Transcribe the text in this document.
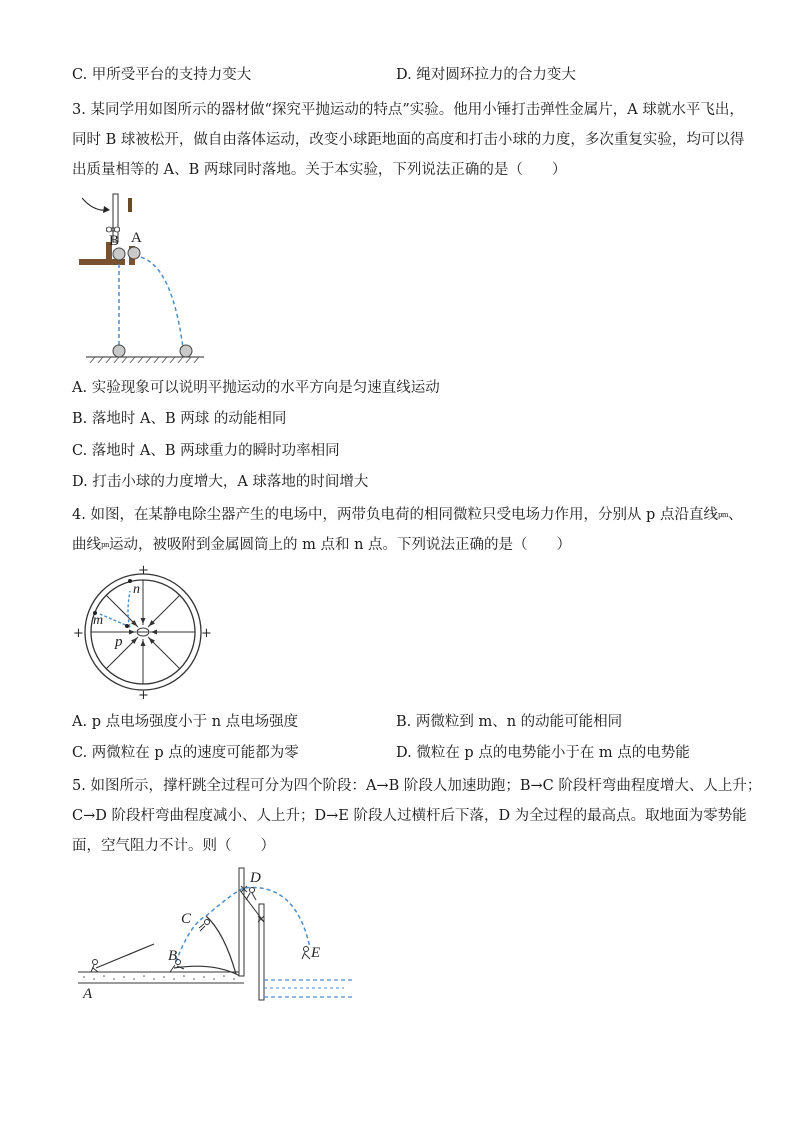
C. 甲所受平台的支持力变大	D. 绳对圆环拉力的合力变大
3. 某同学用如图所示的器材做“探究平抛运动的特点”实验。他用小锤打击弹性金属片，A 球就水平飞出，
同时 B 球被松开，做自由落体运动，改变小球距地面的高度和打击小球的力度，多次重复实验，均可以得
出质量相等的 A、B 两球同时落地。关于本实验，下列说法正确的是（　　）
B A
A. 实验现象可以说明平抛运动的水平方向是匀速直线运动
B. 落地时 A、B 两球 的动能相同
C. 落地时 A、B 两球重力的瞬时功率相同
D. 打击小球的力度增大，A 球落地的时间增大
4. 如图，在某静电除尘器产生的电场中，两带负电荷的相同微粒只受电场力作用，分别从 p 点沿直线pm、
曲线pn运动，被吸附到金属圆筒上的 m 点和 n 点。下列说法正确的是（　　）
+
+	+
+
n
m
p
A. p 点电场强度小于 n 点电场强度	B. 两微粒到 m、n 的动能可能相同
C. 两微粒在 p 点的速度可能都为零	D. 微粒在 p 点的电势能小于在 m 点的电势能
5. 如图所示，撑杆跳全过程可分为四个阶段：A→B 阶段人加速助跑；B→C 阶段杆弯曲程度增大、人上升；
C→D 阶段杆弯曲程度减小、人上升；D→E 阶段人过横杆后下落，D 为全过程的最高点。取地面为零势能
面，空气阻力不计。则（　　）
A
B
C
D
E
